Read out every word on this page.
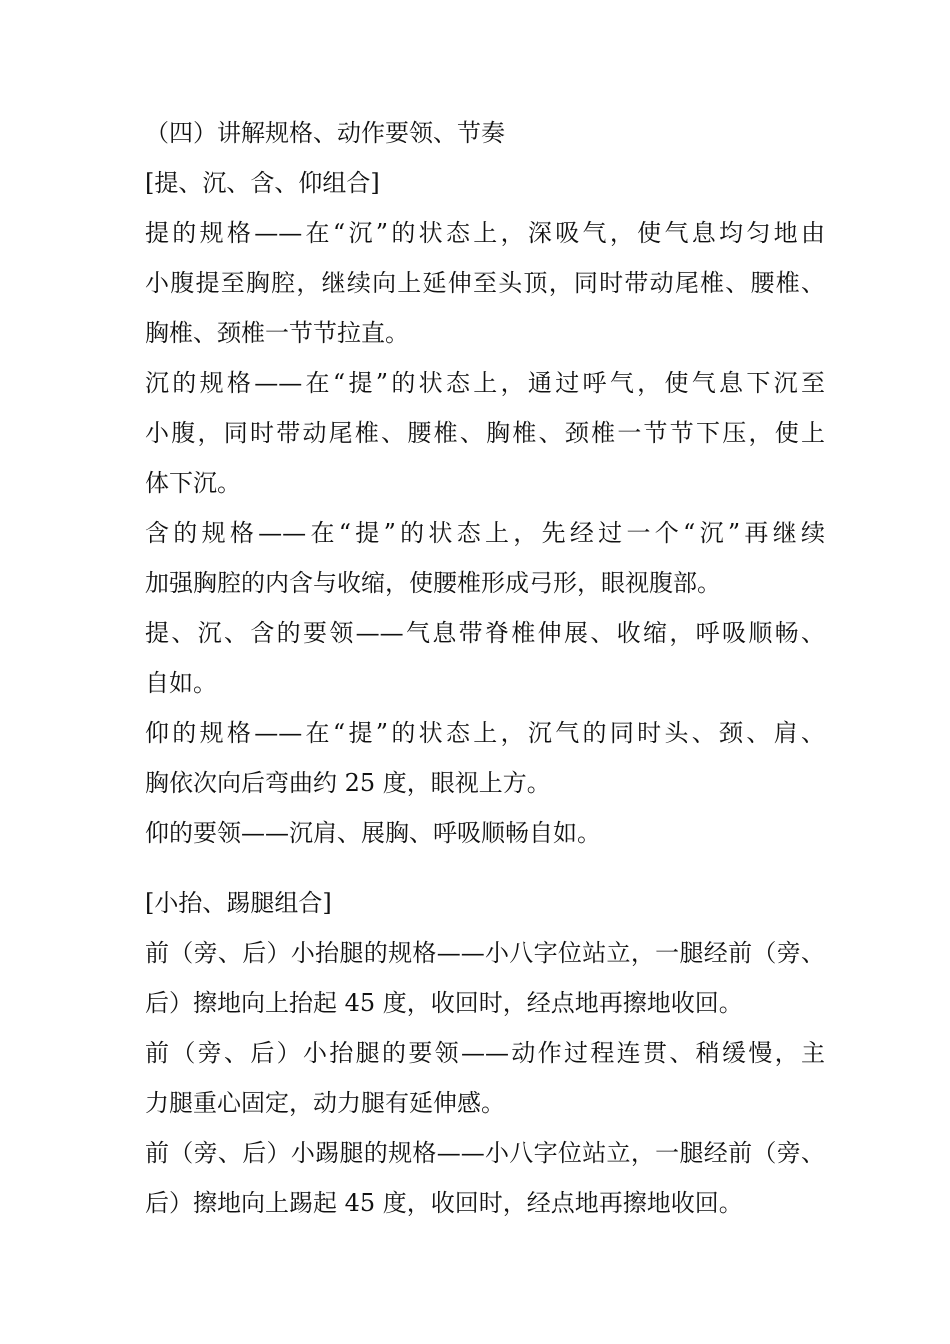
（四）讲解规格、动作要领、节奏
[提、沉、含、仰组合]
提的规格——在“沉”的状态上，深吸气，使气息均匀地由
小腹提至胸腔，继续向上延伸至头顶，同时带动尾椎、腰椎、
胸椎、颈椎一节节拉直。
沉的规格——在“提”的状态上，通过呼气，使气息下沉至
小腹，同时带动尾椎、腰椎、胸椎、颈椎一节节下压，使上
体下沉。
含的规格——在“提”的状态上，先经过一个“沉”再继续
加强胸腔的内含与收缩，使腰椎形成弓形，眼视腹部。
提、沉、含的要领——气息带脊椎伸展、收缩，呼吸顺畅、
自如。
仰的规格——在“提”的状态上，沉气的同时头、颈、肩、
胸依次向后弯曲约 25 度，眼视上方。
仰的要领——沉肩、展胸、呼吸顺畅自如。
[小抬、踢腿组合]
前（旁、后）小抬腿的规格——小八字位站立，一腿经前（旁、
后）擦地向上抬起 45 度，收回时，经点地再擦地收回。
前（旁、后）小抬腿的要领——动作过程连贯、稍缓慢，主
力腿重心固定，动力腿有延伸感。
前（旁、后）小踢腿的规格——小八字位站立，一腿经前（旁、
后）擦地向上踢起 45 度，收回时，经点地再擦地收回。
